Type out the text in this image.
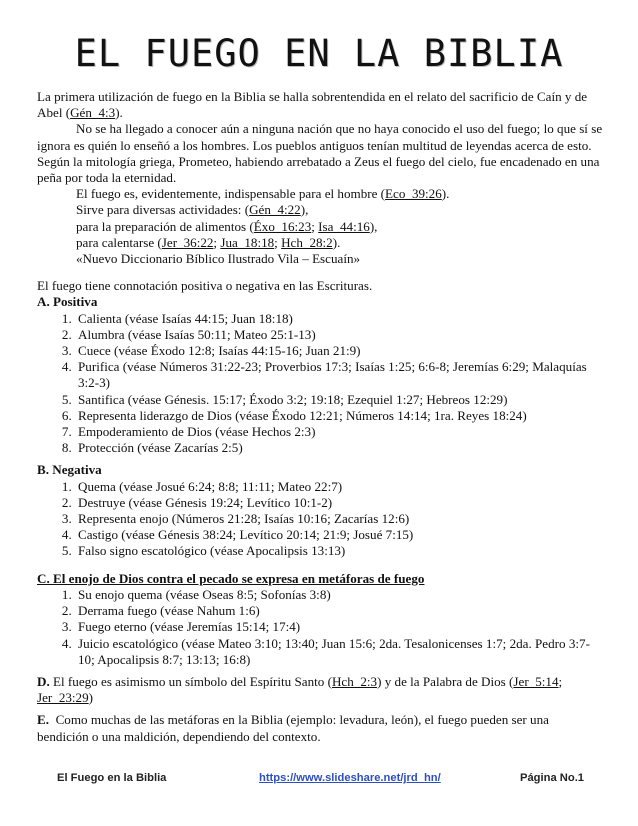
EL FUEGO EN LA BIBLIA

La primera utilización de fuego en la Biblia se halla sobrentendida en el relato del sacrificio de Caín y de Abel (Gén_4:3).

No se ha llegado a conocer aún a ninguna nación que no haya conocido el uso del fuego; lo que sí se ignora es quién lo enseñó a los hombres. Los pueblos antiguos tenían multitud de leyendas acerca de esto. Según la mitología griega, Prometeo, habiendo arrebatado a Zeus el fuego del cielo, fue encadenado en una peña por toda la eternidad.

El fuego es, evidentemente, indispensable para el hombre (Eco_39:26).

Sirve para diversas actividades: (Gén_4:22),

para la preparación de alimentos (Éxo_16:23; Isa_44:16),

para calentarse (Jer_36:22; Jua_18:18; Hch_28:2).

«Nuevo Diccionario Bíblico Ilustrado Vila – Escuaín»

El fuego tiene connotación positiva o negativa en las Escrituras.

A. Positiva

1. Calienta (véase Isaías 44:15; Juan 18:18)
2. Alumbra (véase Isaías 50:11; Mateo 25:1-13)
3. Cuece (véase Éxodo 12:8; Isaías 44:15-16; Juan 21:9)
4. Purifica (véase Números 31:22-23; Proverbios 17:3; Isaías 1:25; 6:6-8; Jeremías 6:29; Malaquías 3:2-3)
5. Santifica (véase Génesis. 15:17; Éxodo 3:2; 19:18; Ezequiel 1:27; Hebreos 12:29)
6. Representa liderazgo de Dios (véase Éxodo 12:21; Números 14:14; 1ra. Reyes 18:24)
7. Empoderamiento de Dios (véase Hechos 2:3)
8. Protección (véase Zacarías 2:5)

B. Negativa

1. Quema (véase Josué 6:24; 8:8; 11:11; Mateo 22:7)
2. Destruye (véase Génesis 19:24; Levítico 10:1-2)
3. Representa enojo (Números 21:28; Isaías 10:16; Zacarías 12:6)
4. Castigo (véase Génesis 38:24; Levítico 20:14; 21:9; Josué 7:15)
5. Falso signo escatológico (véase Apocalipsis 13:13)

C. El enojo de Dios contra el pecado se expresa en metáforas de fuego

1. Su enojo quema (véase Oseas 8:5; Sofonías 3:8)
2. Derrama fuego (véase Nahum 1:6)
3. Fuego eterno (véase Jeremías 15:14; 17:4)
4. Juicio escatológico (véase Mateo 3:10; 13:40; Juan 15:6; 2da. Tesalonicenses 1:7; 2da. Pedro 3:7-10; Apocalipsis 8:7; 13:13; 16:8)

D. El fuego es asimismo un símbolo del Espíritu Santo (Hch_2:3) y de la Palabra de Dios (Jer_5:14; Jer_23:29)

E.  Como muchas de las metáforas en la Biblia (ejemplo: levadura, león), el fuego pueden ser una bendición o una maldición, dependiendo del contexto.

El Fuego en la Biblia	https://www.slideshare.net/jrd_hn/	Página No.1
